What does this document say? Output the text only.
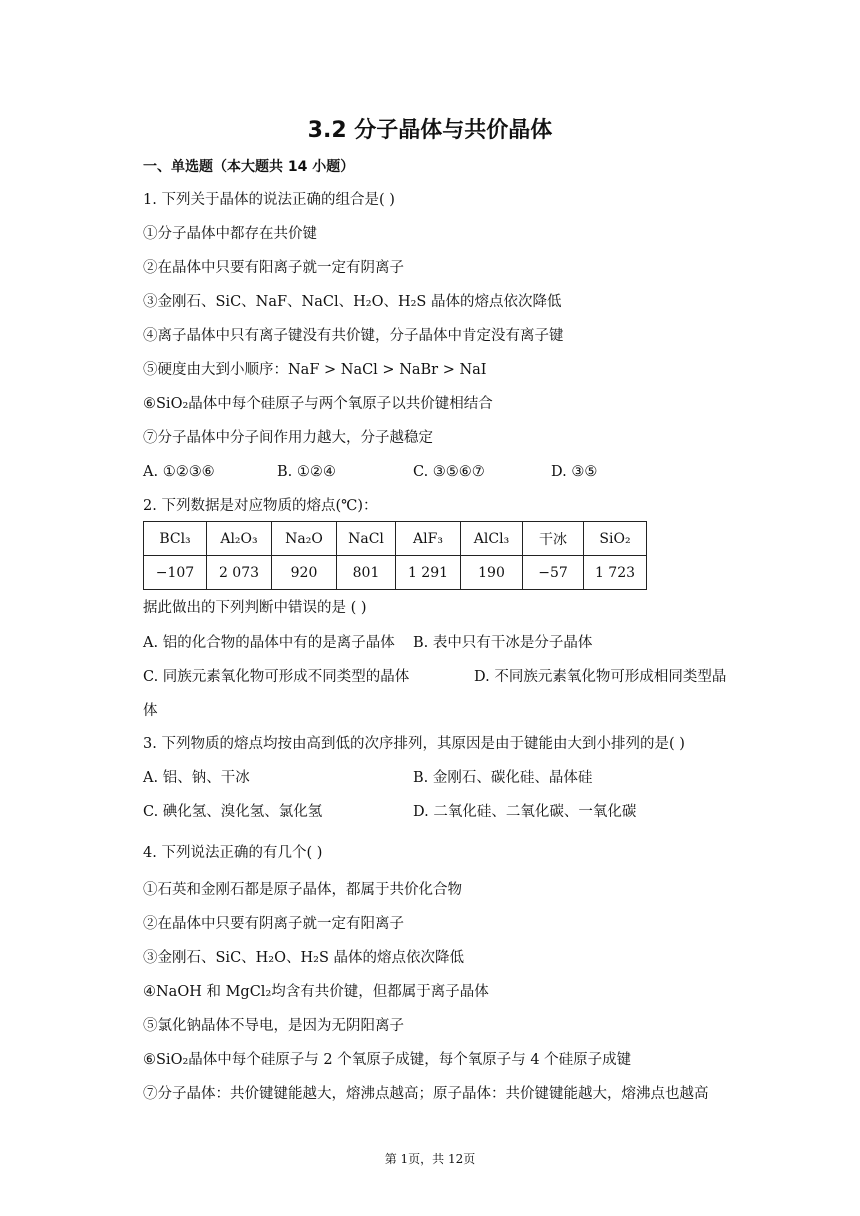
3.2 分子晶体与共价晶体
一、单选题（本大题共 14 小题）
1. 下列关于晶体的说法正确的组合是( )
①分子晶体中都存在共价键
②在晶体中只要有阳离子就一定有阴离子
③金刚石、SiC、NaF、NaCl、H₂O、H₂S 晶体的熔点依次降低
④离子晶体中只有离子键没有共价键，分子晶体中肯定没有离子键
⑤硬度由大到小顺序：NaF > NaCl > NaBr > NaI
⑥SiO₂晶体中每个硅原子与两个氧原子以共价键相结合
⑦分子晶体中分子间作用力越大，分子越稳定
A. ①②③⑥	B. ①②④	C. ③⑤⑥⑦	D. ③⑤
2. 下列数据是对应物质的熔点(℃)：
BCl₃	Al₂O₃	Na₂O	NaCl	AlF₃	AlCl₃	干冰	SiO₂
−107	2 073	920	801	1 291	190	−57	1 723
据此做出的下列判断中错误的是 ( )
A. 铝的化合物的晶体中有的是离子晶体 B. 表中只有干冰是分子晶体
C. 同族元素氧化物可形成不同类型的晶体	D. 不同族元素氧化物可形成相同类型晶
体
3. 下列物质的熔点均按由高到低的次序排列，其原因是由于键能由大到小排列的是( )
A. 铝、钠、干冰	B. 金刚石、碳化硅、晶体硅
C. 碘化氢、溴化氢、氯化氢	D. 二氧化硅、二氧化碳、一氧化碳
4. 下列说法正确的有几个( )
①石英和金刚石都是原子晶体，都属于共价化合物
②在晶体中只要有阴离子就一定有阳离子
③金刚石、SiC、H₂O、H₂S 晶体的熔点依次降低
④NaOH 和 MgCl₂均含有共价键，但都属于离子晶体
⑤氯化钠晶体不导电，是因为无阴阳离子
⑥SiO₂晶体中每个硅原子与 2 个氧原子成键，每个氧原子与 4 个硅原子成键
⑦分子晶体：共价键键能越大，熔沸点越高；原子晶体：共价键键能越大，熔沸点也越高
第 1页，共 12页
